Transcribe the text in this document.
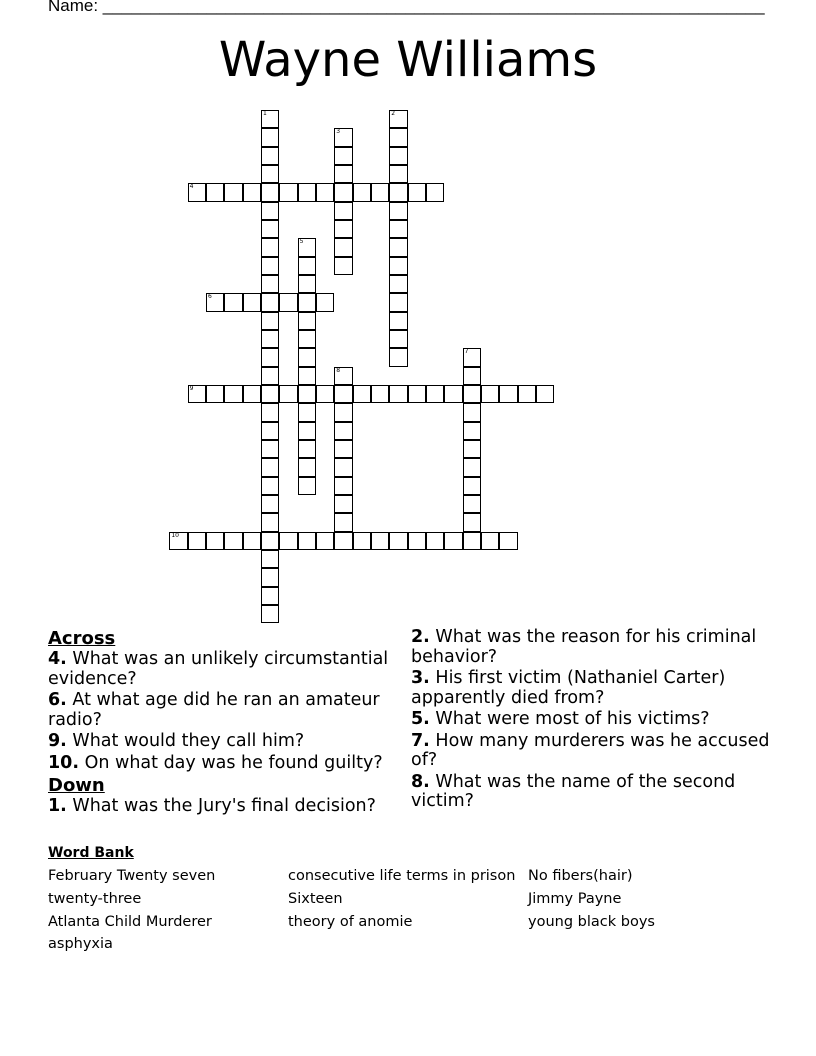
Name: ______________________________________________________________________
Wayne Williams
1	2
3
4
5
6
7
8
9
10
Across
4. What was an unlikely circumstantial evidence?
6. At what age did he ran an amateur radio?
9. What would they call him?
10. On what day was he found guilty?
Down
1. What was the Jury's final decision?
2. What was the reason for his criminal behavior?
3. His first victim (Nathaniel Carter) apparently died from?
5. What were most of his victims?
7. How many murderers was he accused of?
8. What was the name of the second victim?
Word Bank
February Twenty seven
twenty-three
Atlanta Child Murderer
asphyxia
consecutive life terms in prison
Sixteen
theory of anomie
No fibers(hair)
Jimmy Payne
young black boys
